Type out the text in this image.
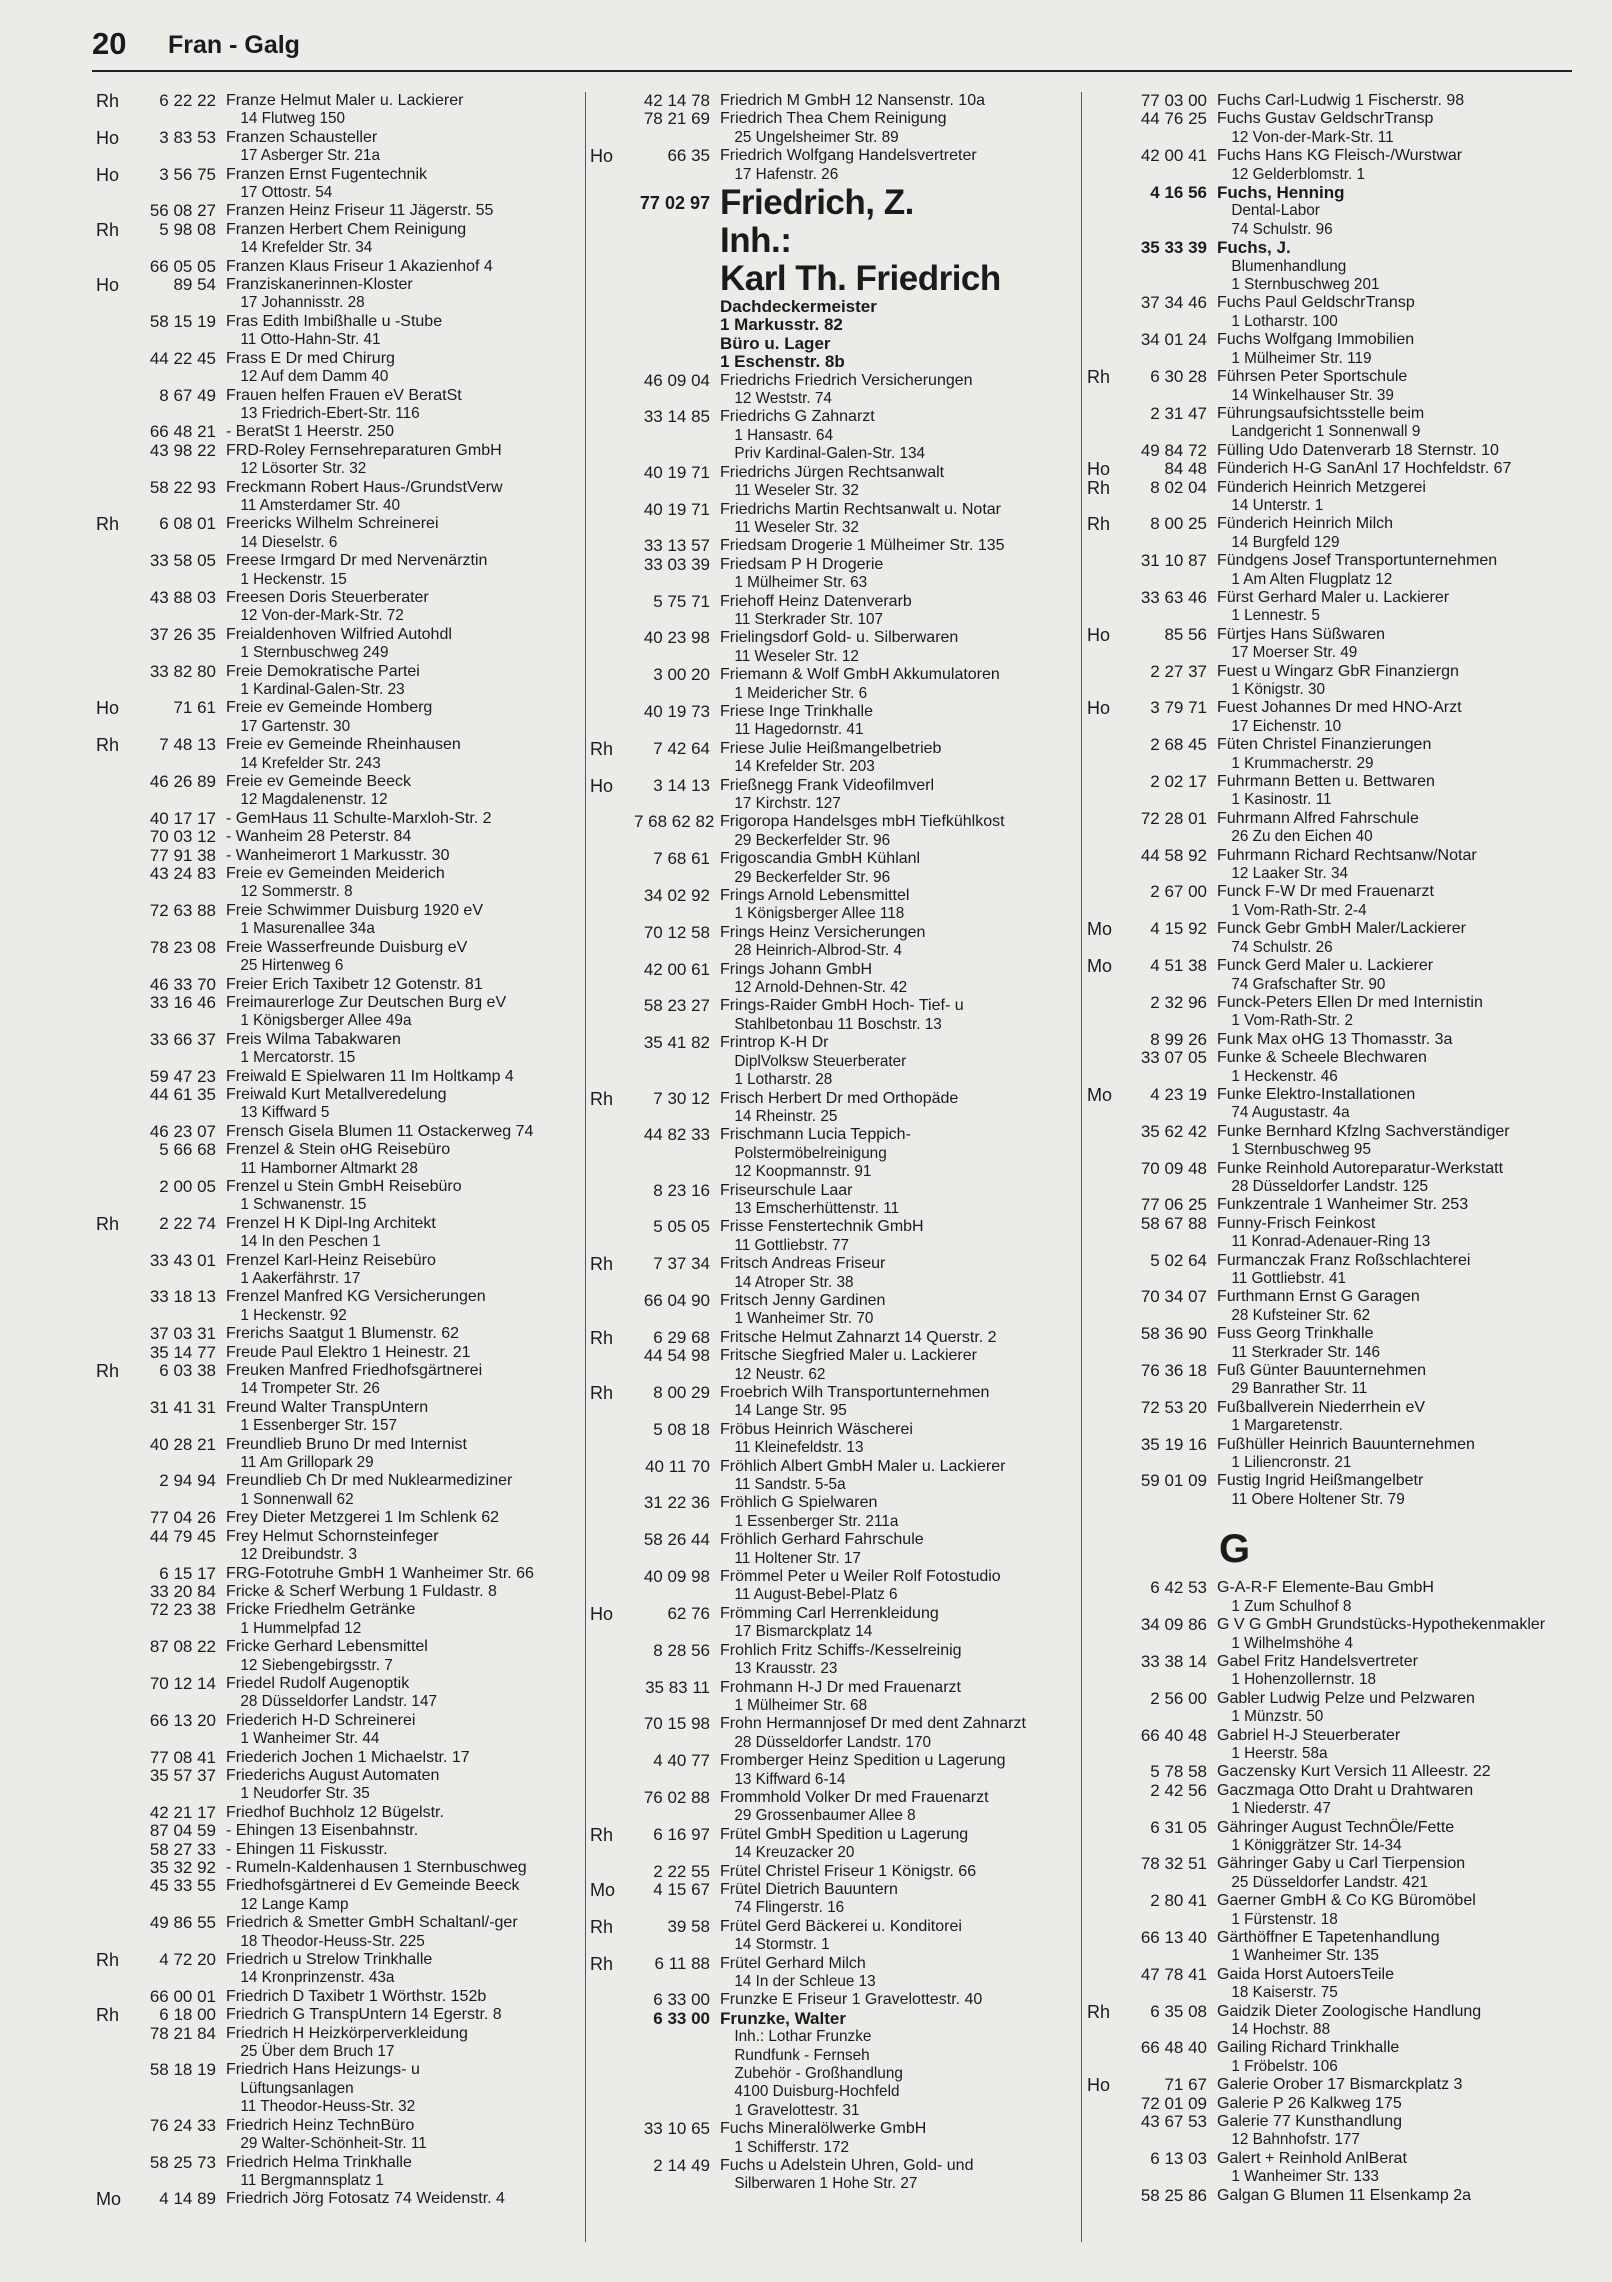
20 Fran - Galg
Rh	6 22 22 Franze Helmut Maler u. Lackierer
14 Flutweg 150
Ho	3 83 53 Franzen Schausteller
17 Asberger Str. 21a
Ho	3 56 75 Franzen Ernst Fugentechnik
17 Ottostr. 54
56 08 27 Franzen Heinz Friseur 11 Jägerstr. 55
Rh	5 98 08 Franzen Herbert Chem Reinigung
14 Krefelder Str. 34
66 05 05 Franzen Klaus Friseur 1 Akazienhof 4
Ho	89 54 Franziskanerinnen-Kloster
17 Johannisstr. 28
58 15 19 Fras Edith Imbißhalle u -Stube
11 Otto-Hahn-Str. 41
44 22 45 Frass E Dr med Chirurg
12 Auf dem Damm 40
8 67 49 Frauen helfen Frauen eV BeratSt
13 Friedrich-Ebert-Str. 116
66 48 21 - BeratSt 1 Heerstr. 250
43 98 22 FRD-Roley Fernsehreparaturen GmbH
12 Lösorter Str. 32
58 22 93 Freckmann Robert Haus-/GrundstVerw
11 Amsterdamer Str. 40
Rh	6 08 01 Freericks Wilhelm Schreinerei
14 Dieselstr. 6
33 58 05 Freese Irmgard Dr med Nervenärztin
1 Heckenstr. 15
43 88 03 Freesen Doris Steuerberater
12 Von-der-Mark-Str. 72
37 26 35 Freialdenhoven Wilfried Autohdl
1 Sternbuschweg 249
33 82 80 Freie Demokratische Partei
1 Kardinal-Galen-Str. 23
Ho	71 61 Freie ev Gemeinde Homberg
17 Gartenstr. 30
Rh	7 48 13 Freie ev Gemeinde Rheinhausen
14 Krefelder Str. 243
46 26 89 Freie ev Gemeinde Beeck
12 Magdalenenstr. 12
40 17 17 - GemHaus 11 Schulte-Marxloh-Str. 2
70 03 12 - Wanheim 28 Peterstr. 84
77 91 38 - Wanheimerort 1 Markusstr. 30
43 24 83 Freie ev Gemeinden Meiderich
12 Sommerstr. 8
72 63 88 Freie Schwimmer Duisburg 1920 eV
1 Masurenallee 34a
78 23 08 Freie Wasserfreunde Duisburg eV
25 Hirtenweg 6
46 33 70 Freier Erich Taxibetr 12 Gotenstr. 81
33 16 46 Freimaurerloge Zur Deutschen Burg eV
1 Königsberger Allee 49a
33 66 37 Freis Wilma Tabakwaren
1 Mercatorstr. 15
59 47 23 Freiwald E Spielwaren 11 Im Holtkamp 4
44 61 35 Freiwald Kurt Metallveredelung
13 Kiffward 5
46 23 07 Frensch Gisela Blumen 11 Ostackerweg 74
5 66 68 Frenzel & Stein oHG Reisebüro
11 Hamborner Altmarkt 28
2 00 05 Frenzel u Stein GmbH Reisebüro
1 Schwanenstr. 15
Rh	2 22 74 Frenzel H K Dipl-Ing Architekt
14 In den Peschen 1
33 43 01 Frenzel Karl-Heinz Reisebüro
1 Aakerfährstr. 17
33 18 13 Frenzel Manfred KG Versicherungen
1 Heckenstr. 92
37 03 31 Frerichs Saatgut 1 Blumenstr. 62
35 14 77 Freude Paul Elektro 1 Heinestr. 21
Rh	6 03 38 Freuken Manfred Friedhofsgärtnerei
14 Trompeter Str. 26
31 41 31 Freund Walter TranspUntern
1 Essenberger Str. 157
40 28 21 Freundlieb Bruno Dr med Internist
11 Am Grillopark 29
2 94 94 Freundlieb Ch Dr med Nuklearmediziner
1 Sonnenwall 62
77 04 26 Frey Dieter Metzgerei 1 Im Schlenk 62
44 79 45 Frey Helmut Schornsteinfeger
12 Dreibundstr. 3
6 15 17 FRG-Fototruhe GmbH 1 Wanheimer Str. 66
33 20 84 Fricke & Scherf Werbung 1 Fuldastr. 8
72 23 38 Fricke Friedhelm Getränke
1 Hummelpfad 12
87 08 22 Fricke Gerhard Lebensmittel
12 Siebengebirgsstr. 7
70 12 14 Friedel Rudolf Augenoptik
28 Düsseldorfer Landstr. 147
66 13 20 Friederich H-D Schreinerei
1 Wanheimer Str. 44
77 08 41 Friederich Jochen 1 Michaelstr. 17
35 57 37 Friederichs August Automaten
1 Neudorfer Str. 35
42 21 17 Friedhof Buchholz 12 Bügelstr.
87 04 59 - Ehingen 13 Eisenbahnstr.
58 27 33 - Ehingen 11 Fiskusstr.
35 32 92 - Rumeln-Kaldenhausen 1 Sternbuschweg
45 33 55 Friedhofsgärtnerei d Ev Gemeinde Beeck
12 Lange Kamp
49 86 55 Friedrich & Smetter GmbH Schaltanl/-ger
18 Theodor-Heuss-Str. 225
Rh	4 72 20 Friedrich u Strelow Trinkhalle
14 Kronprinzenstr. 43a
66 00 01 Friedrich D Taxibetr 1 Wörthstr. 152b
Rh	6 18 00 Friedrich G TranspUntern 14 Egerstr. 8
78 21 84 Friedrich H Heizkörperverkleidung
25 Über dem Bruch 17
58 18 19 Friedrich Hans Heizungs- u
Lüftungsanlagen
11 Theodor-Heuss-Str. 32
76 24 33 Friedrich Heinz TechnBüro
29 Walter-Schönheit-Str. 11
58 25 73 Friedrich Helma Trinkhalle
11 Bergmannsplatz 1
Mo	4 14 89 Friedrich Jörg Fotosatz 74 Weidenstr. 4
42 14 78 Friedrich M GmbH 12 Nansenstr. 10a
78 21 69 Friedrich Thea Chem Reinigung
25 Ungelsheimer Str. 89
Ho	66 35 Friedrich Wolfgang Handelsvertreter
17 Hafenstr. 26
77 02 97 Friedrich, Z.
Inh.:
Karl Th. Friedrich
Dachdeckermeister
1 Markusstr. 82
Büro u. Lager
1 Eschenstr. 8b
46 09 04 Friedrichs Friedrich Versicherungen
12 Weststr. 74
33 14 85 Friedrichs G Zahnarzt
1 Hansastr. 64
Priv Kardinal-Galen-Str. 134
40 19 71 Friedrichs Jürgen Rechtsanwalt
11 Weseler Str. 32
40 19 71 Friedrichs Martin Rechtsanwalt u. Notar
11 Weseler Str. 32
33 13 57 Friedsam Drogerie 1 Mülheimer Str. 135
33 03 39 Friedsam P H Drogerie
1 Mülheimer Str. 63
5 75 71 Friehoff Heinz Datenverarb
11 Sterkrader Str. 107
40 23 98 Frielingsdorf Gold- u. Silberwaren
11 Weseler Str. 12
3 00 20 Friemann & Wolf GmbH Akkumulatoren
1 Meidericher Str. 6
40 19 73 Friese Inge Trinkhalle
11 Hagedornstr. 41
Rh	7 42 64 Friese Julie Heißmangelbetrieb
14 Krefelder Str. 203
Ho	3 14 13 Frießnegg Frank Videofilmverl
17 Kirchstr. 127
7 68 62 82 Frigoropa Handelsges mbH Tiefkühlkost
29 Beckerfelder Str. 96
7 68 61 Frigoscandia GmbH Kühlanl
29 Beckerfelder Str. 96
34 02 92 Frings Arnold Lebensmittel
1 Königsberger Allee 118
70 12 58 Frings Heinz Versicherungen
28 Heinrich-Albrod-Str. 4
42 00 61 Frings Johann GmbH
12 Arnold-Dehnen-Str. 42
58 23 27 Frings-Raider GmbH Hoch- Tief- u
Stahlbetonbau 11 Boschstr. 13
35 41 82 Frintrop K-H Dr
DiplVolksw Steuerberater
1 Lotharstr. 28
Rh	7 30 12 Frisch Herbert Dr med Orthopäde
14 Rheinstr. 25
44 82 33 Frischmann Lucia Teppich-
Polstermöbelreinigung
12 Koopmannstr. 91
8 23 16 Friseurschule Laar
13 Emscherhüttenstr. 11
5 05 05 Frisse Fenstertechnik GmbH
11 Gottliebstr. 77
Rh	7 37 34 Fritsch Andreas Friseur
14 Atroper Str. 38
66 04 90 Fritsch Jenny Gardinen
1 Wanheimer Str. 70
Rh	6 29 68 Fritsche Helmut Zahnarzt 14 Querstr. 2
44 54 98 Fritsche Siegfried Maler u. Lackierer
12 Neustr. 62
Rh	8 00 29 Froebrich Wilh Transportunternehmen
14 Lange Str. 95
5 08 18 Fröbus Heinrich Wäscherei
11 Kleinefeldstr. 13
40 11 70 Fröhlich Albert GmbH Maler u. Lackierer
11 Sandstr. 5-5a
31 22 36 Fröhlich G Spielwaren
1 Essenberger Str. 211a
58 26 44 Fröhlich Gerhard Fahrschule
11 Holtener Str. 17
40 09 98 Frömmel Peter u Weiler Rolf Fotostudio
11 August-Bebel-Platz 6
Ho	62 76 Frömming Carl Herrenkleidung
17 Bismarckplatz 14
8 28 56 Frohlich Fritz Schiffs-/Kesselreinig
13 Krausstr. 23
35 83 11 Frohmann H-J Dr med Frauenarzt
1 Mülheimer Str. 68
70 15 98 Frohn Hermannjosef Dr med dent Zahnarzt
28 Düsseldorfer Landstr. 170
4 40 77 Fromberger Heinz Spedition u Lagerung
13 Kiffward 6-14
76 02 88 Frommhold Volker Dr med Frauenarzt
29 Grossenbaumer Allee 8
Rh	6 16 97 Frütel GmbH Spedition u Lagerung
14 Kreuzacker 20
2 22 55 Frütel Christel Friseur 1 Königstr. 66
Mo	4 15 67 Frütel Dietrich Bauuntern
74 Flingerstr. 16
Rh	39 58 Frütel Gerd Bäckerei u. Konditorei
14 Stormstr. 1
Rh	6 11 88 Frütel Gerhard Milch
14 In der Schleue 13
6 33 00 Frunzke E Friseur 1 Gravelottestr. 40
6 33 00 Frunzke, Walter
Inh.: Lothar Frunzke
Rundfunk - Fernseh
Zubehör - Großhandlung
4100 Duisburg-Hochfeld
1 Gravelottestr. 31
33 10 65 Fuchs Mineralölwerke GmbH
1 Schifferstr. 172
2 14 49 Fuchs u Adelstein Uhren, Gold- und
Silberwaren 1 Hohe Str. 27
77 03 00 Fuchs Carl-Ludwig 1 Fischerstr. 98
44 76 25 Fuchs Gustav GeldschrTransp
12 Von-der-Mark-Str. 11
42 00 41 Fuchs Hans KG Fleisch-/Wurstwar
12 Gelderblomstr. 1
4 16 56 Fuchs, Henning
Dental-Labor
74 Schulstr. 96
35 33 39 Fuchs, J.
Blumenhandlung
1 Sternbuschweg 201
37 34 46 Fuchs Paul GeldschrTransp
1 Lotharstr. 100
34 01 24 Fuchs Wolfgang Immobilien
1 Mülheimer Str. 119
Rh	6 30 28 Führsen Peter Sportschule
14 Winkelhauser Str. 39
2 31 47 Führungsaufsichtsstelle beim
Landgericht 1 Sonnenwall 9
49 84 72 Fülling Udo Datenverarb 18 Sternstr. 10
Ho	84 48 Fünderich H-G SanAnl 17 Hochfeldstr. 67
Rh	8 02 04 Fünderich Heinrich Metzgerei
14 Unterstr. 1
Rh	8 00 25 Fünderich Heinrich Milch
14 Burgfeld 129
31 10 87 Fündgens Josef Transportunternehmen
1 Am Alten Flugplatz 12
33 63 46 Fürst Gerhard Maler u. Lackierer
1 Lennestr. 5
Ho	85 56 Fürtjes Hans Süßwaren
17 Moerser Str. 49
2 27 37 Fuest u Wingarz GbR Finanziergn
1 Königstr. 30
Ho	3 79 71 Fuest Johannes Dr med HNO-Arzt
17 Eichenstr. 10
2 68 45 Füten Christel Finanzierungen
1 Krummacherstr. 29
2 02 17 Fuhrmann Betten u. Bettwaren
1 Kasinostr. 11
72 28 01 Fuhrmann Alfred Fahrschule
26 Zu den Eichen 40
44 58 92 Fuhrmann Richard Rechtsanw/Notar
12 Laaker Str. 34
2 67 00 Funck F-W Dr med Frauenarzt
1 Vom-Rath-Str. 2-4
Mo	4 15 92 Funck Gebr GmbH Maler/Lackierer
74 Schulstr. 26
Mo	4 51 38 Funck Gerd Maler u. Lackierer
74 Grafschafter Str. 90
2 32 96 Funck-Peters Ellen Dr med Internistin
1 Vom-Rath-Str. 2
8 99 26 Funk Max oHG 13 Thomasstr. 3a
33 07 05 Funke & Scheele Blechwaren
1 Heckenstr. 46
Mo	4 23 19 Funke Elektro-Installationen
74 Augustastr. 4a
35 62 42 Funke Bernhard Kfzlng Sachverständiger
1 Sternbuschweg 95
70 09 48 Funke Reinhold Autoreparatur-Werkstatt
28 Düsseldorfer Landstr. 125
77 06 25 Funkzentrale 1 Wanheimer Str. 253
58 67 88 Funny-Frisch Feinkost
11 Konrad-Adenauer-Ring 13
5 02 64 Furmanczak Franz Roßschlachterei
11 Gottliebstr. 41
70 34 07 Furthmann Ernst G Garagen
28 Kufsteiner Str. 62
58 36 90 Fuss Georg Trinkhalle
11 Sterkrader Str. 146
76 36 18 Fuß Günter Bauunternehmen
29 Banrather Str. 11
72 53 20 Fußballverein Niederrhein eV
1 Margaretenstr.
35 19 16 Fußhüller Heinrich Bauunternehmen
1 Liliencronstr. 21
59 01 09 Fustig Ingrid Heißmangelbetr
11 Obere Holtener Str. 79
G
6 42 53 G-A-R-F Elemente-Bau GmbH
1 Zum Schulhof 8
34 09 86 G V G GmbH Grundstücks-Hypothekenmakler
1 Wilhelmshöhe 4
33 38 14 Gabel Fritz Handelsvertreter
1 Hohenzollernstr. 18
2 56 00 Gabler Ludwig Pelze und Pelzwaren
1 Münzstr. 50
66 40 48 Gabriel H-J Steuerberater
1 Heerstr. 58a
5 78 58 Gaczensky Kurt Versich 11 Alleestr. 22
2 42 56 Gaczmaga Otto Draht u Drahtwaren
1 Niederstr. 47
6 31 05 Gähringer August TechnÖle/Fette
1 Königgrätzer Str. 14-34
78 32 51 Gähringer Gaby u Carl Tierpension
25 Düsseldorfer Landstr. 421
2 80 41 Gaerner GmbH & Co KG Büromöbel
1 Fürstenstr. 18
66 13 40 Gärthöffner E Tapetenhandlung
1 Wanheimer Str. 135
47 78 41 Gaida Horst AutoersTeile
18 Kaiserstr. 75
Rh	6 35 08 Gaidzik Dieter Zoologische Handlung
14 Hochstr. 88
66 48 40 Gailing Richard Trinkhalle
1 Fröbelstr. 106
Ho	71 67 Galerie Orober 17 Bismarckplatz 3
72 01 09 Galerie P 26 Kalkweg 175
43 67 53 Galerie 77 Kunsthandlung
12 Bahnhofstr. 177
6 13 03 Galert + Reinhold AnlBerat
1 Wanheimer Str. 133
58 25 86 Galgan G Blumen 11 Elsenkamp 2a
